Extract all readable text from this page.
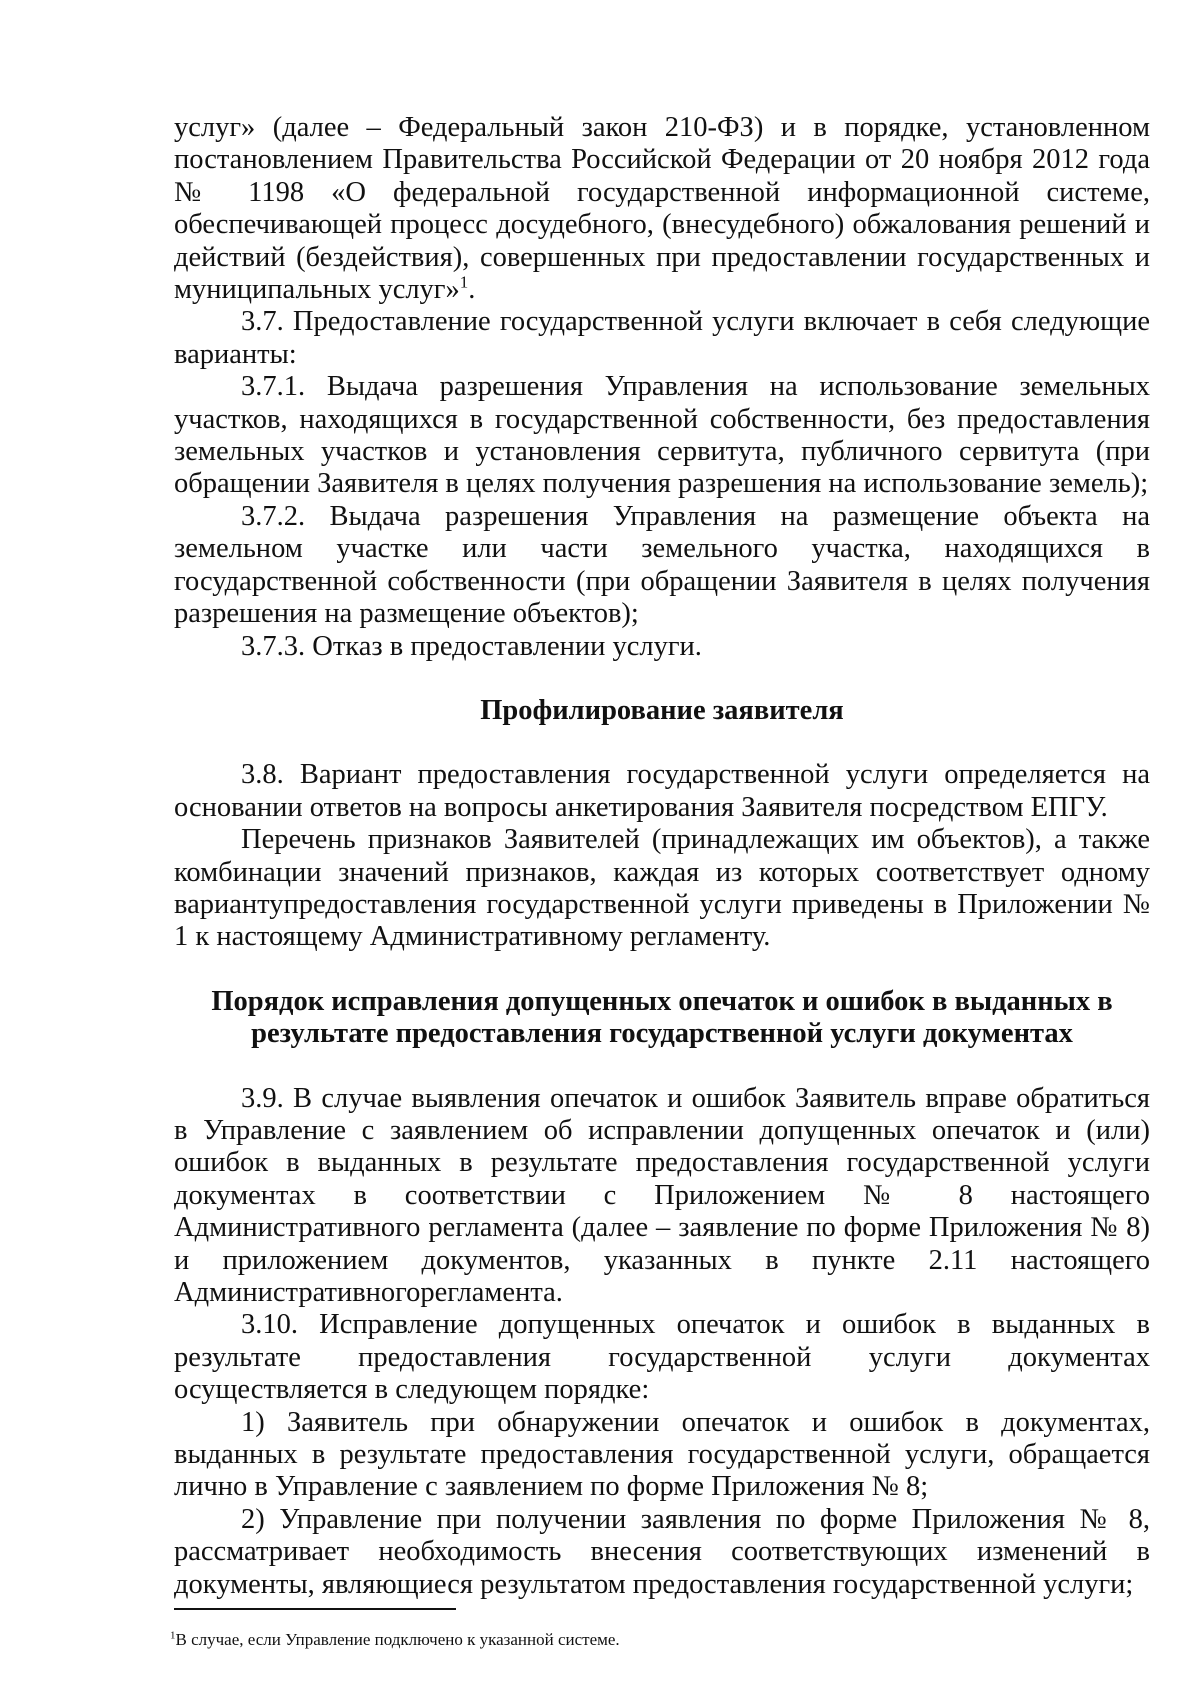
услуг» (далее – Федеральный закон 210-ФЗ) и в порядке, установленном постановлением Правительства Российской Федерации от 20 ноября 2012 года № 1198 «О федеральной государственной информационной системе, обеспечивающей процесс досудебного, (внесудебного) обжалования решений и действий (бездействия), совершенных при предоставлении государственных и муниципальных услуг»$^1$.

3.7. Предоставление государственной услуги включает в себя следующие варианты:

3.7.1. Выдача разрешения Управления на использование земельных участков, находящихся в государственной собственности, без предоставления земельных участков и установления сервитута, публичного сервитута (при обращении Заявителя в целях получения разрешения на использование земель);

3.7.2. Выдача разрешения Управления на размещение объекта на земельном участке или части земельного участка, находящихся в государственной собственности (при обращении Заявителя в целях получения разрешения на размещение объектов);

3.7.3. Отказ в предоставлении услуги.

Профилирование заявителя

3.8. Вариант предоставления государственной услуги определяется на основании ответов на вопросы анкетирования Заявителя посредством ЕПГУ.

Перечень признаков Заявителей (принадлежащих им объектов), а также комбинации значений признаков, каждая из которых соответствует одному вариантупредоставления государственной услуги приведены в Приложении № 1 к настоящему Административному регламенту.

Порядок исправления допущенных опечаток и ошибок в выданных в

результате предоставления государственной услуги документах

3.9. В случае выявления опечаток и ошибок Заявитель вправе обратиться в Управление с заявлением об исправлении допущенных опечаток и (или) ошибок в выданных в результате предоставления государственной услуги документах в соответствии с Приложением № 8 настоящего Административного регламента (далее – заявление по форме Приложения № 8) и приложением документов, указанных в пункте 2.11 настоящего Административногорегламента.

3.10. Исправление допущенных опечаток и ошибок в выданных в результате предоставления государственной услуги документах осуществляется в следующем порядке:

1) Заявитель при обнаружении опечаток и ошибок в документах, выданных в результате предоставления государственной услуги, обращается лично в Управление с заявлением по форме Приложения № 8;

2) Управление при получении заявления по форме Приложения № 8, рассматривает необходимость внесения соответствующих изменений в документы, являющиеся результатом предоставления государственной услуги;

$^1$В случае, если Управление подключено к указанной системе.
